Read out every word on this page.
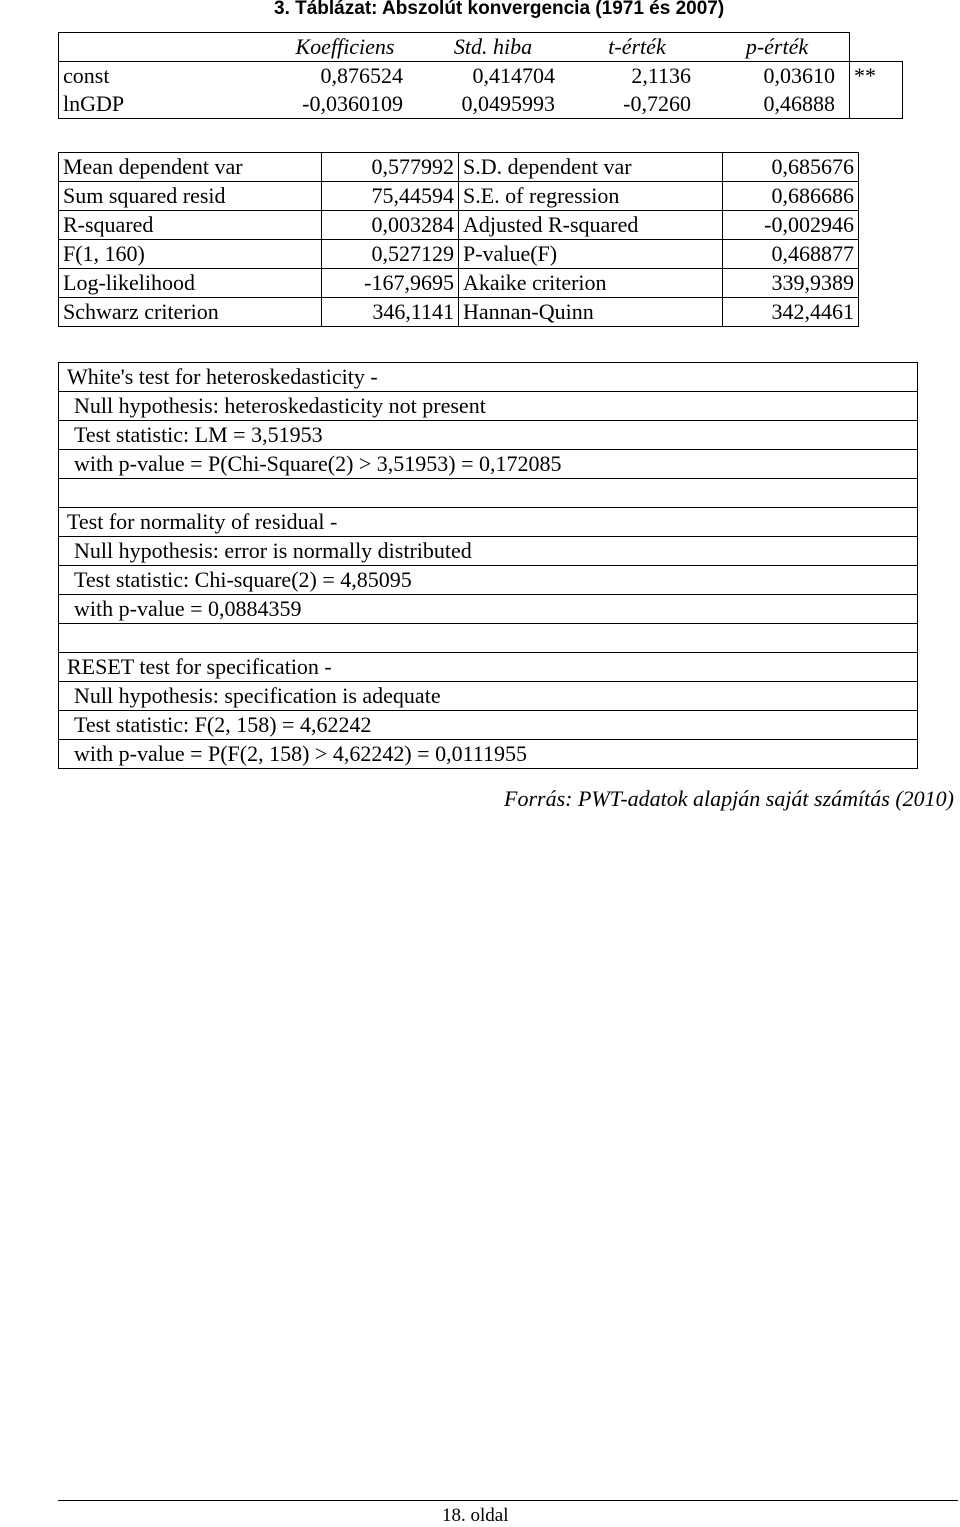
3. Táblázat: Abszolút konvergencia (1971 és 2007)
	Koefficiens	Std. hiba	t-érték	p-érték	
const	0,876524	0,414704	2,1136	0,03610	**
lnGDP	-0,0360109	0,0495993	-0,7260	0,46888	
Mean dependent var	0,577992	S.D. dependent var	0,685676
Sum squared resid	75,44594	S.E. of regression	0,686686
R-squared	0,003284	Adjusted R-squared	-0,002946
F(1, 160)	0,527129	P-value(F)	0,468877
Log-likelihood	-167,9695	Akaike criterion	339,9389
Schwarz criterion	346,1141	Hannan-Quinn	342,4461
White's test for heteroskedasticity -
Null hypothesis: heteroskedasticity not present
Test statistic: LM = 3,51953
with p-value = P(Chi-Square(2) > 3,51953) = 0,172085

Test for normality of residual -
Null hypothesis: error is normally distributed
Test statistic: Chi-square(2) = 4,85095
with p-value = 0,0884359

RESET test for specification -
Null hypothesis: specification is adequate
Test statistic: F(2, 158) = 4,62242
with p-value = P(F(2, 158) > 4,62242) = 0,0111955
Forrás: PWT-adatok alapján saját számítás (2010)
18. oldal
